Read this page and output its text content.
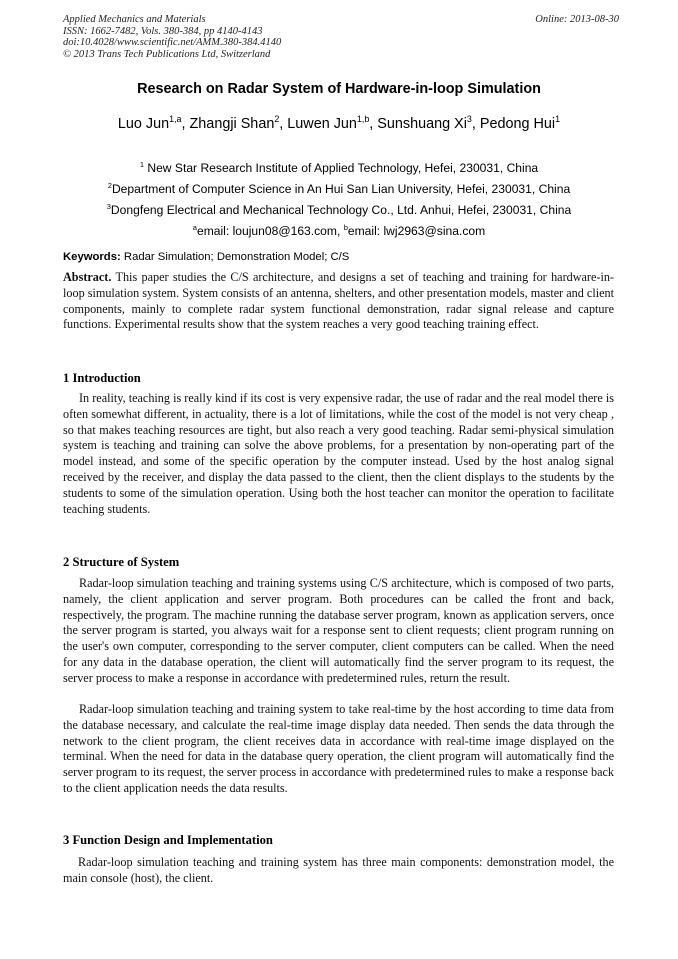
Applied Mechanics and Materials
ISSN: 1662-7482, Vols. 380-384, pp 4140-4143
doi:10.4028/www.scientific.net/AMM.380-384.4140
© 2013 Trans Tech Publications Ltd, Switzerland
Online: 2013-08-30
Research on Radar System of Hardware-in-loop Simulation
Luo Jun$^{1,a}$, Zhangji Shan$^2$, Luwen Jun$^{1,b}$, Sunshuang Xi$^3$, Pedong Hui$^1$
$^1$ New Star Research Institute of Applied Technology, Hefei, 230031, China
$^2$Department of Computer Science in An Hui San Lian University, Hefei, 230031, China
$^3$Dongfeng Electrical and Mechanical Technology Co., Ltd. Anhui, Hefei, 230031, China
$^a$email: loujun08@163.com, $^b$email: lwj2963@sina.com
Keywords: Radar Simulation; Demonstration Model; C/S

Abstract. This paper studies the C/S architecture, and designs a set of teaching and training for hardware-in-loop simulation system. System consists of an antenna, shelters, and other presentation models, master and client components, mainly to complete radar system functional demonstration, radar signal release and capture functions. Experimental results show that the system reaches a very good teaching training effect.

1 Introduction

In reality, teaching is really kind if its cost is very expensive radar, the use of radar and the real model there is often somewhat different, in actuality, there is a lot of limitations, while the cost of the model is not very cheap , so that makes teaching resources are tight, but also reach a very good teaching. Radar semi-physical simulation system is teaching and training can solve the above problems, for a presentation by non-operating part of the model instead, and some of the specific operation by the computer instead. Used by the host analog signal received by the receiver, and display the data passed to the client, then the client displays to the students by the students to some of the simulation operation. Using both the host teacher can monitor the operation to facilitate teaching students.

2 Structure of System

Radar-loop simulation teaching and training systems using C/S architecture, which is composed of two parts, namely, the client application and server program. Both procedures can be called the front and back, respectively, the program. The machine running the database server program, known as application servers, once the server program is started, you always wait for a response sent to client requests; client program running on the user's own computer, corresponding to the server computer, client computers can be called. When the need for any data in the database operation, the client will automatically find the server program to its request, the server process to make a response in accordance with predetermined rules, return the result.

Radar-loop simulation teaching and training system to take real-time by the host according to time data from the database necessary, and calculate the real-time image display data needed. Then sends the data through the network to the client program, the client receives data in accordance with real-time image displayed on the terminal. When the need for data in the database query operation, the client program will automatically find the server program to its request, the server process in accordance with predetermined rules to make a response back to the client application needs the data results.

3 Function Design and Implementation

Radar-loop simulation teaching and training system has three main components: demonstration model, the main console (host), the client.
